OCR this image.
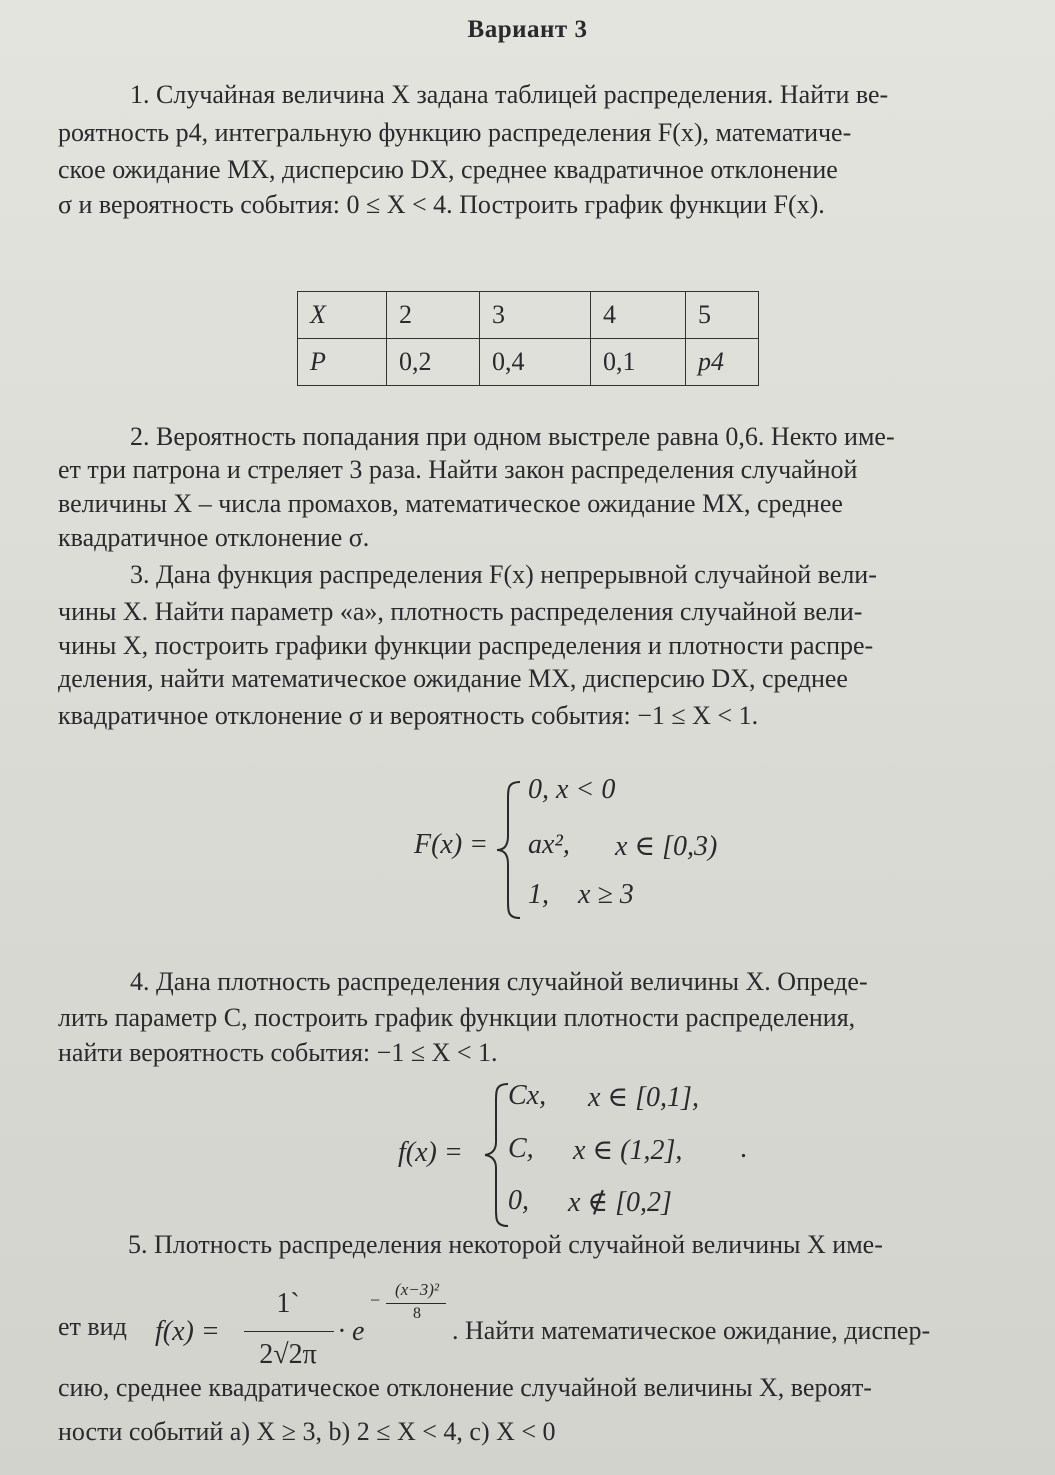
Вариант 3
1. Случайная величина X задана таблицей распределения. Найти ве-
роятность p4, интегральную функцию распределения F(x), математиче-
ское ожидание MX, дисперсию DX, среднее квадратичное отклонение
σ и вероятность события: 0 ≤ X < 4. Построить график функции F(x).
X	2	3	4	5
P	0,2	0,4	0,1	p4
2. Вероятность попадания при одном выстреле равна 0,6. Некто име-
ет три патрона и стреляет 3 раза. Найти закон распределения случайной
величины X – числа промахов, математическое ожидание MX, среднее
квадратичное отклонение σ.
3. Дана функция распределения F(x) непрерывной случайной вели-
чины X. Найти параметр «a», плотность распределения случайной вели-
чины X, построить графики функции распределения и плотности распре-
деления, найти математическое ожидание MX, дисперсию DX, среднее
квадратичное отклонение σ и вероятность события: −1 ≤ X < 1.
F(x) =
0, x < 0
ax², x ∈ [0,3)
1, x ≥ 3
4. Дана плотность распределения случайной величины X. Опреде-
лить параметр C, построить график функции плотности распределения,
найти вероятность события: −1 ≤ X < 1.
f(x) =
Cx, x ∈ [0,1],
C, x ∈ (1,2], .
0, x ∉ [0,2]
5. Плотность распределения некоторой случайной величины X име-
ет вид f(x) =
1`
2√2π
· e
−
(x−3)²
8
. Найти математическое ожидание, диспер-
сию, среднее квадратическое отклонение случайной величины X, вероят-
ности событий a) X ≥ 3, b) 2 ≤ X < 4, c) X < 0
